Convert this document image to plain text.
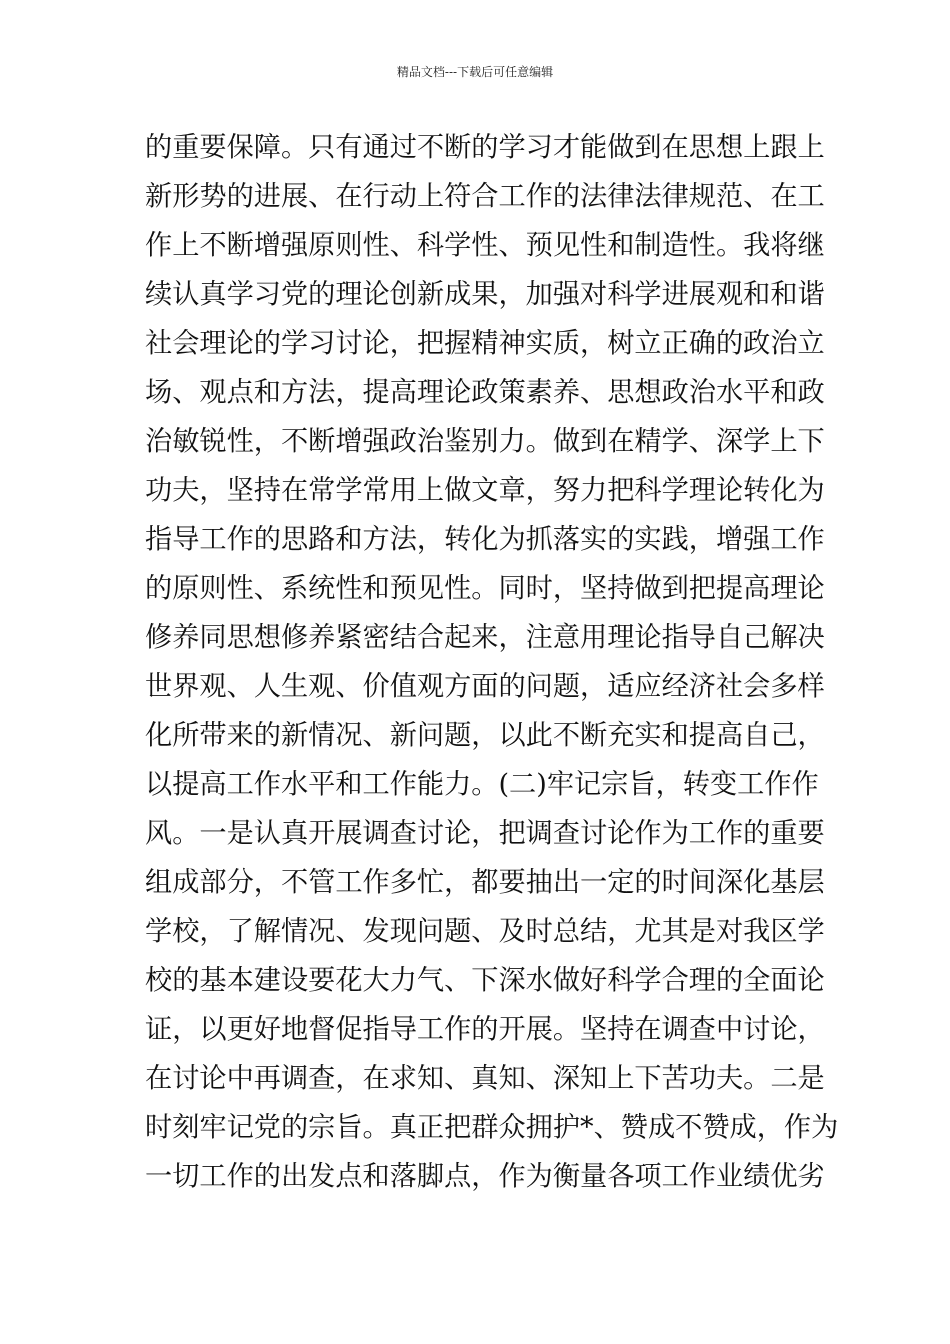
精品文档---下载后可任意编辑
的重要保障。只有通过不断的学习才能做到在思想上跟上
新形势的进展、在行动上符合工作的法律法律规范、在工
作上不断增强原则性、科学性、预见性和制造性。我将继
续认真学习党的理论创新成果，加强对科学进展观和和谐
社会理论的学习讨论，把握精神实质，树立正确的政治立
场、观点和方法，提高理论政策素养、思想政治水平和政
治敏锐性，不断增强政治鉴别力。做到在精学、深学上下
功夫，坚持在常学常用上做文章，努力把科学理论转化为
指导工作的思路和方法，转化为抓落实的实践，增强工作
的原则性、系统性和预见性。同时，坚持做到把提高理论
修养同思想修养紧密结合起来，注意用理论指导自己解决
世界观、人生观、价值观方面的问题，适应经济社会多样
化所带来的新情况、新问题，以此不断充实和提高自己，
以提高工作水平和工作能力。(二)牢记宗旨，转变工作作
风。一是认真开展调查讨论，把调查讨论作为工作的重要
组成部分，不管工作多忙，都要抽出一定的时间深化基层
学校，了解情况、发现问题、及时总结，尤其是对我区学
校的基本建设要花大力气、下深水做好科学合理的全面论
证，以更好地督促指导工作的开展。坚持在调查中讨论，
在讨论中再调查，在求知、真知、深知上下苦功夫。二是
时刻牢记党的宗旨。真正把群众拥护*、赞成不赞成，作为
一切工作的出发点和落脚点，作为衡量各项工作业绩优劣
